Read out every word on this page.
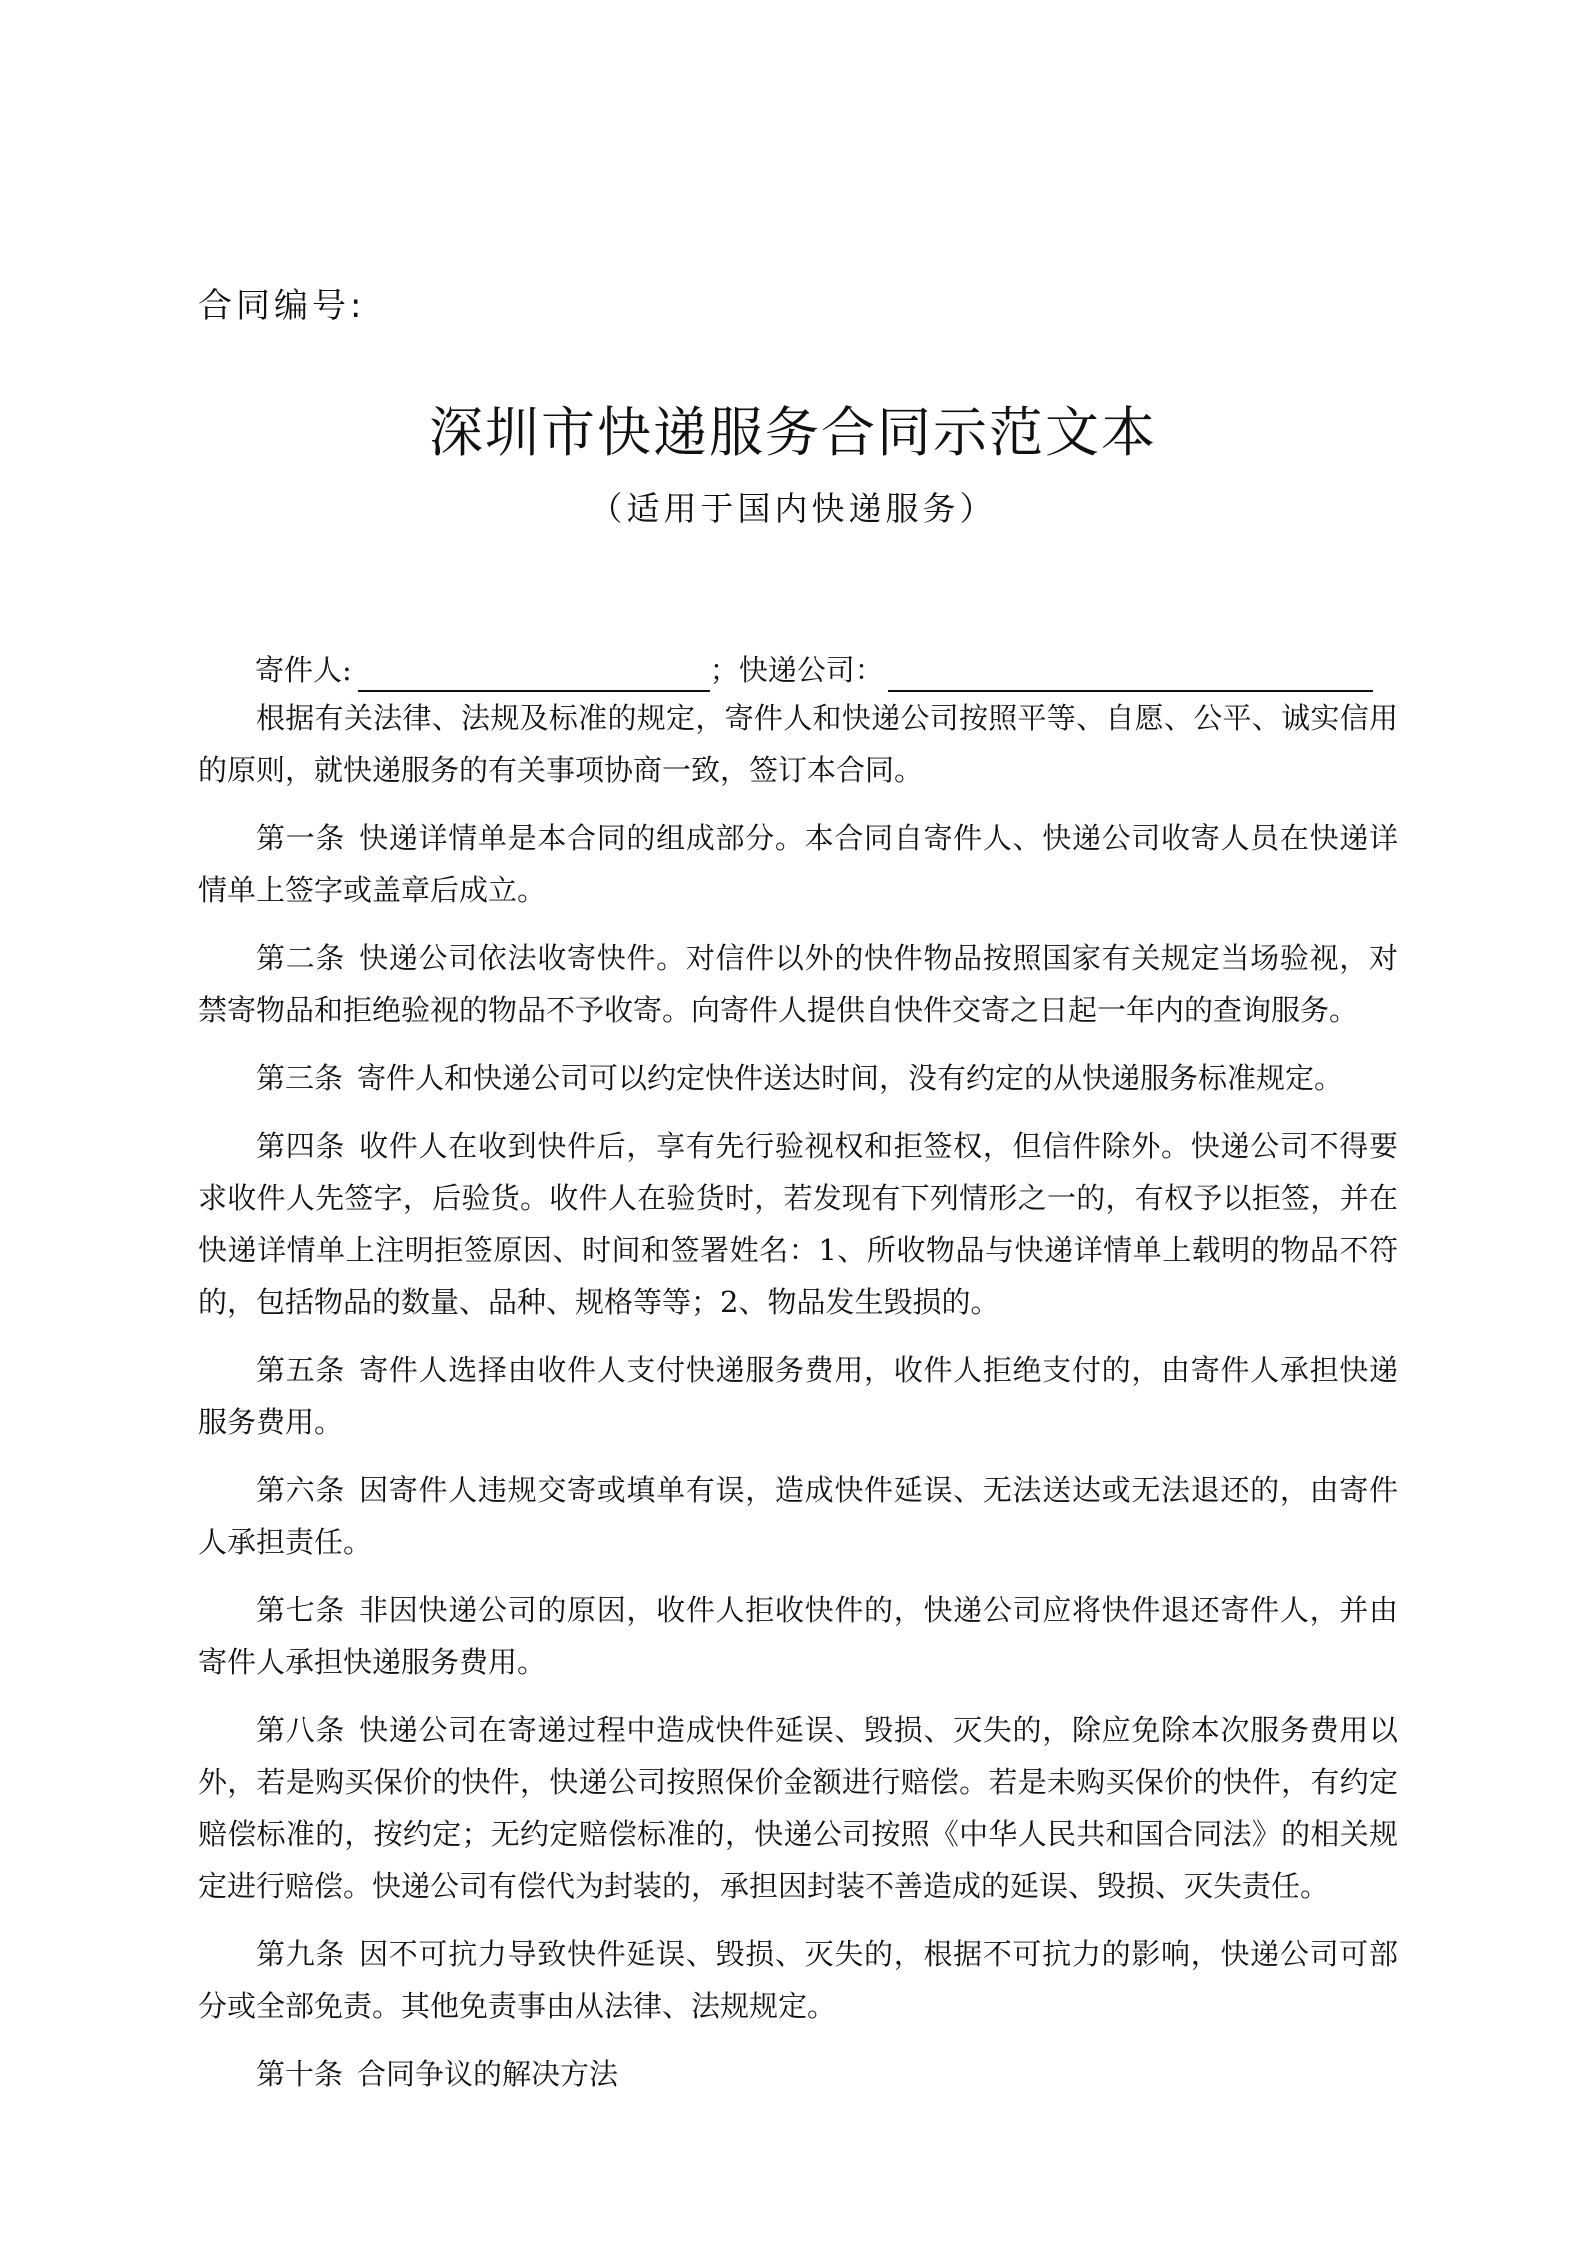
合同编号:
深圳市快递服务合同示范文本
（适用于国内快递服务）
寄件人:	；快递公司：

根据有关法律、法规及标准的规定，寄件人和快递公司按照平等、自愿、公平、诚实信用的原则，就快递服务的有关事项协商一致，签订本合同。

第一条 快递详情单是本合同的组成部分。本合同自寄件人、快递公司收寄人员在快递详情单上签字或盖章后成立。

第二条 快递公司依法收寄快件。对信件以外的快件物品按照国家有关规定当场验视，对禁寄物品和拒绝验视的物品不予收寄。向寄件人提供自快件交寄之日起一年内的查询服务。

第三条 寄件人和快递公司可以约定快件送达时间，没有约定的从快递服务标准规定。

第四条 收件人在收到快件后，享有先行验视权和拒签权，但信件除外。快递公司不得要求收件人先签字，后验货。收件人在验货时，若发现有下列情形之一的，有权予以拒签，并在快递详情单上注明拒签原因、时间和签署姓名：1、所收物品与快递详情单上载明的物品不符的，包括物品的数量、品种、规格等等；2、物品发生毁损的。

第五条 寄件人选择由收件人支付快递服务费用，收件人拒绝支付的，由寄件人承担快递服务费用。

第六条 因寄件人违规交寄或填单有误，造成快件延误、无法送达或无法退还的，由寄件人承担责任。

第七条 非因快递公司的原因，收件人拒收快件的，快递公司应将快件退还寄件人，并由寄件人承担快递服务费用。

第八条 快递公司在寄递过程中造成快件延误、毁损、灭失的，除应免除本次服务费用以外，若是购买保价的快件，快递公司按照保价金额进行赔偿。若是未购买保价的快件，有约定赔偿标准的，按约定；无约定赔偿标准的，快递公司按照《中华人民共和国合同法》的相关规定进行赔偿。快递公司有偿代为封装的，承担因封装不善造成的延误、毁损、灭失责任。

第九条 因不可抗力导致快件延误、毁损、灭失的，根据不可抗力的影响，快递公司可部分或全部免责。其他免责事由从法律、法规规定。

第十条 合同争议的解决方法
